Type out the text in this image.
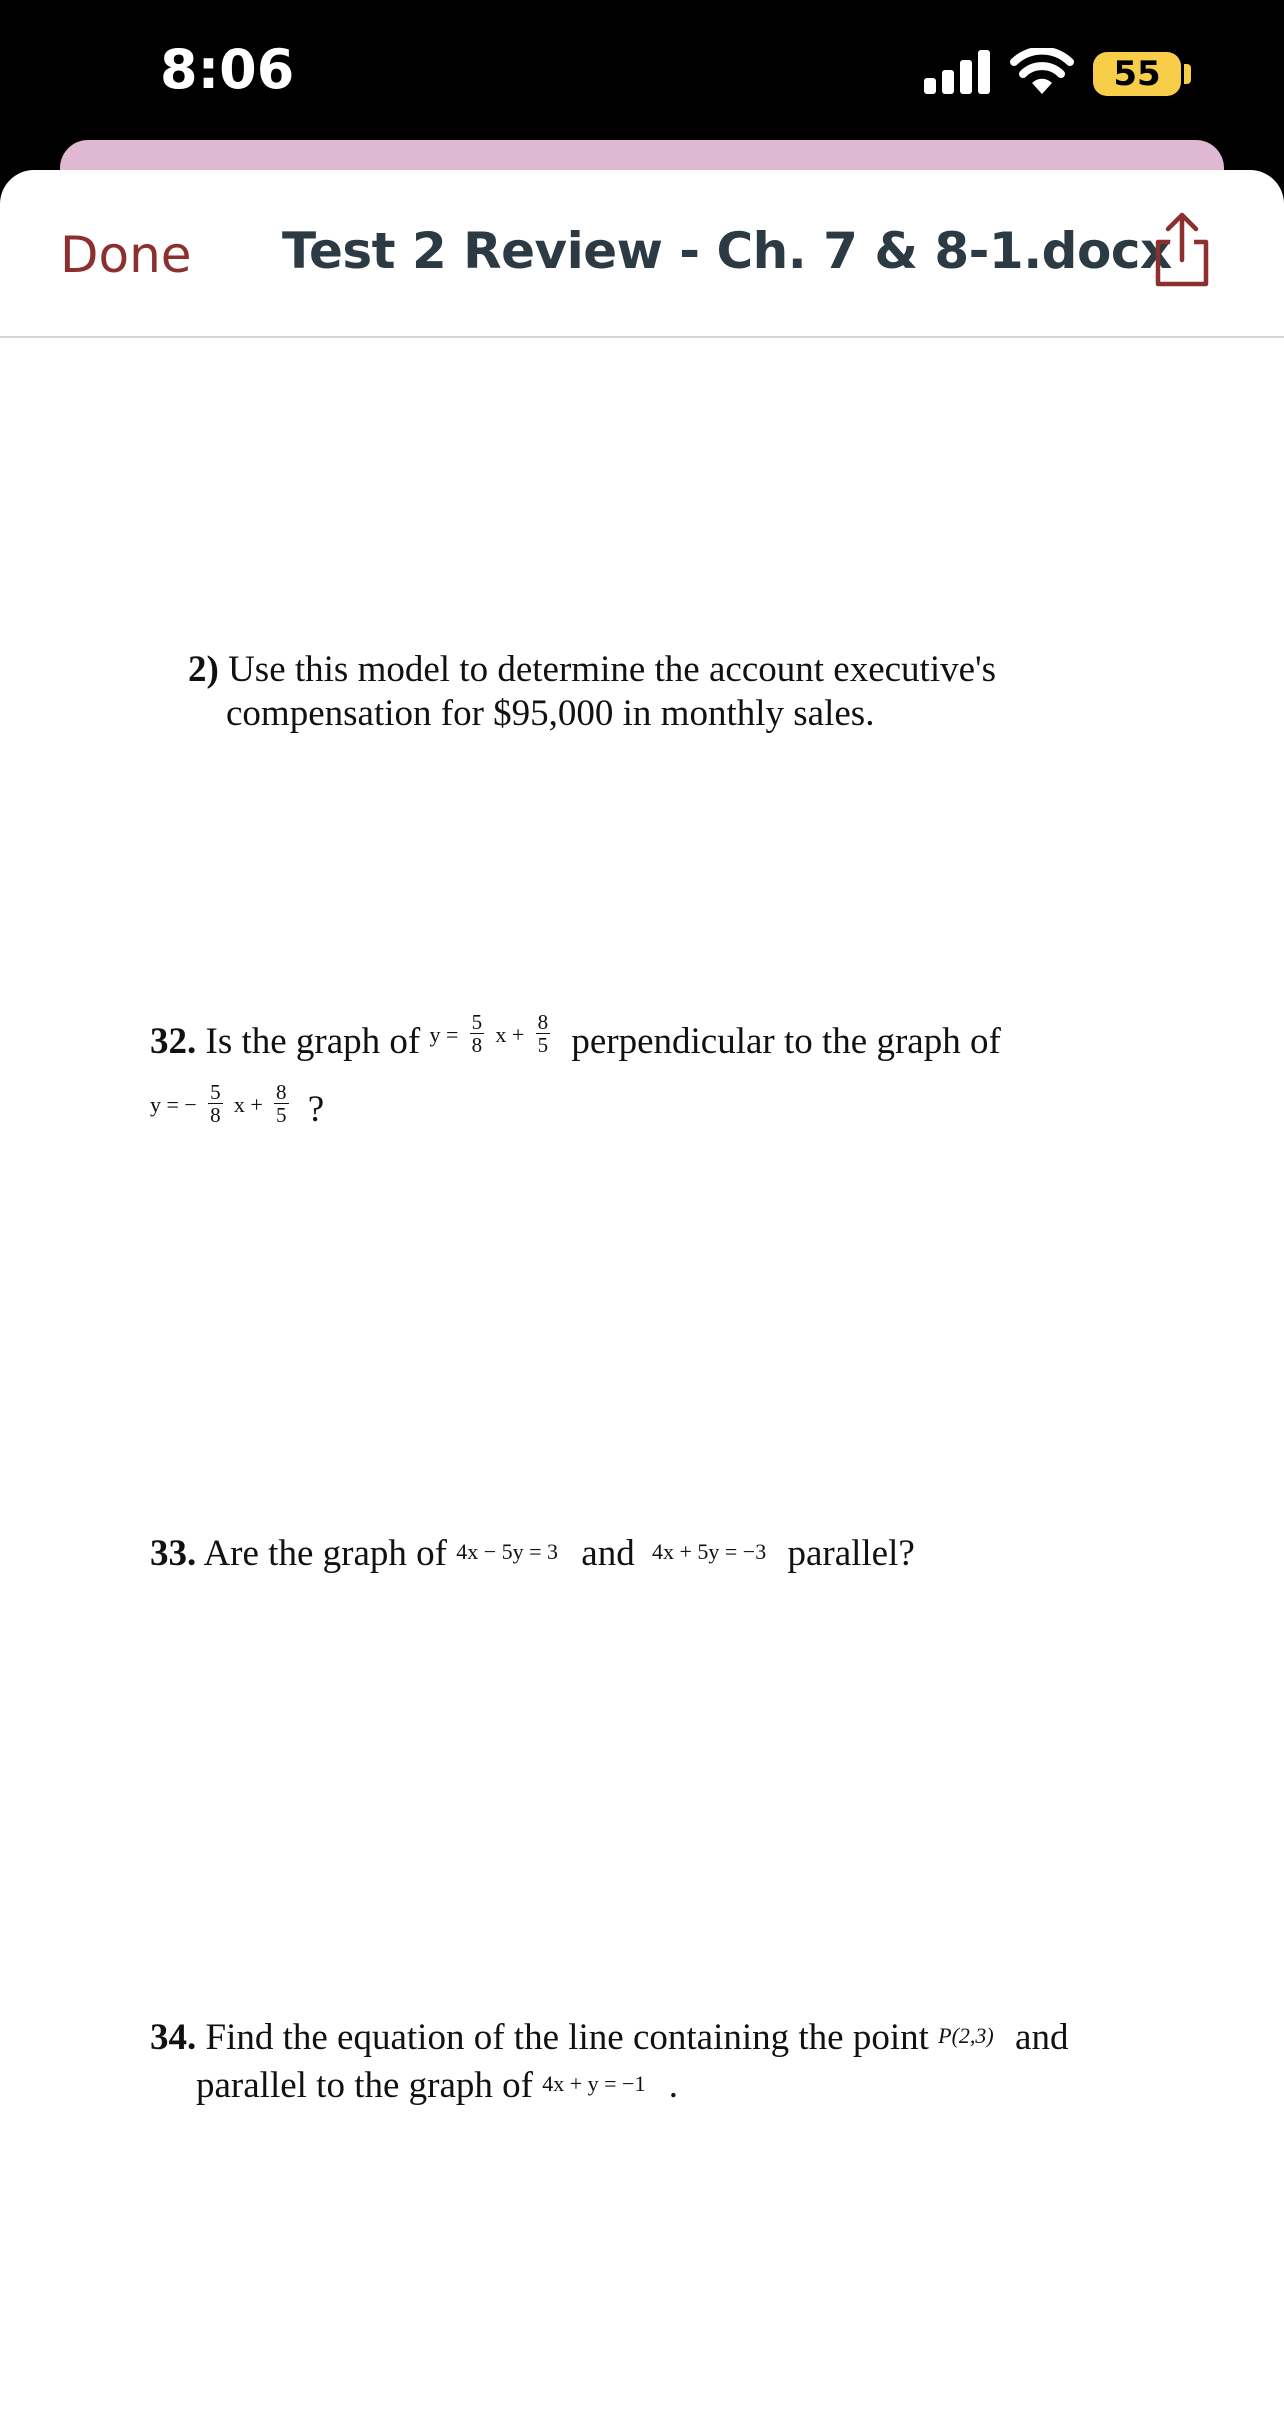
8:06	55
Done Test 2 Review - Ch. 7 & 8-1.docx
2) Use this model to determine the account executive's
compensation for $95,000 in monthly sales.
32. Is the graph of $y = \frac{5}{8}$ $x + \frac{8}{5}$ perpendicular to the graph of
y = − $\frac{5}{8}$ $x + \frac{8}{5}$ ?
33. Are the graph of 4x − 5y = 3 and 4x + 5y = −3 parallel?
34. Find the equation of the line containing the point P(2,3) and
parallel to the graph of 4x + y = −1 .
